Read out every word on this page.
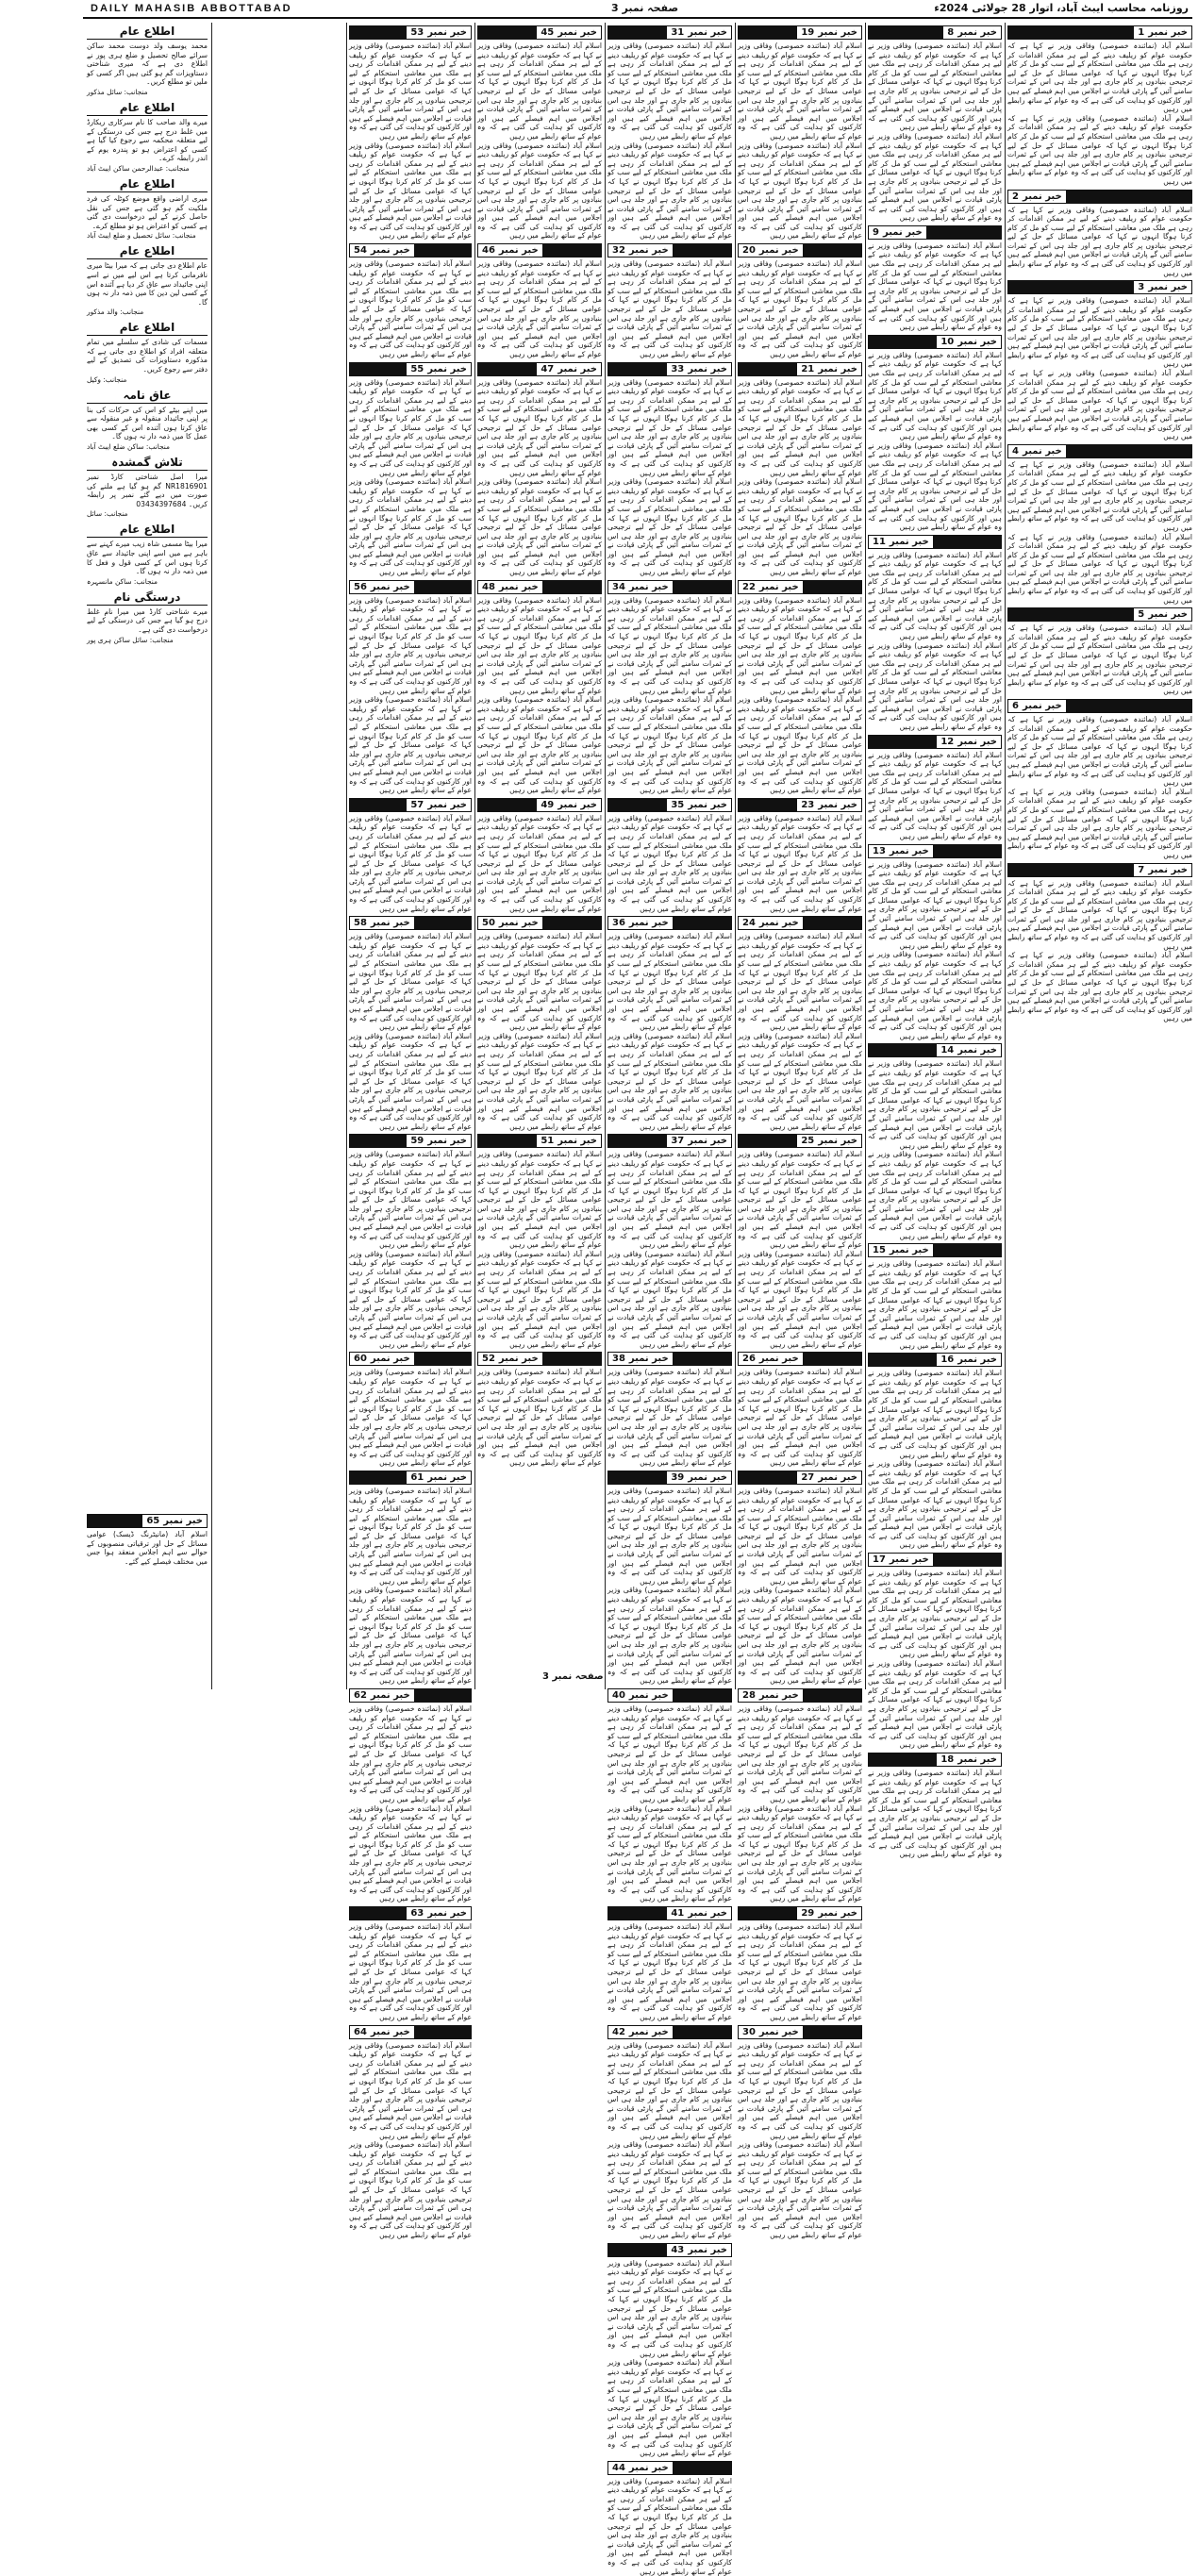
DAILY MAHASIB ABBOTTABAD	صفحہ نمبر 3	روزنامہ محاسب ایبٹ آباد، اتوار 28 جولائی 2024ء
اطلاع عام
محمد یوسف ولد دوست محمد ساکن سرائے صالح تحصیل و ضلع ہری پور نے اطلاع دی ہے کہ میری شناختی دستاویزات گم ہو گئی ہیں اگر کسی کو ملیں تو مطلع کریں۔
منجانب: سائل مذکور
اطلاع عام
میرے والد صاحب کا نام سرکاری ریکارڈ میں غلط درج ہے جس کی درستگی کے لیے متعلقہ محکمہ سے رجوع کیا گیا ہے کسی کو اعتراض ہو تو پندرہ یوم کے اندر رابطہ کرے۔
منجانب: عبدالرحمن ساکن ایبٹ آباد
اطلاع عام
میری اراضی واقع موضع کوٹلہ کی فرد ملکیت گم ہو گئی ہے جس کی نقل حاصل کرنے کے لیے درخواست دی گئی ہے کسی کو اعتراض ہو تو مطلع کرے۔
منجانب: سائل تحصیل و ضلع ایبٹ آباد
اطلاع عام
عام اطلاع دی جاتی ہے کہ میرا بیٹا میری نافرمانی کرتا ہے اس لیے میں نے اسے اپنی جائیداد سے عاق کر دیا ہے آئندہ اس کے کسی لین دین کا میں ذمہ دار نہ ہوں گا۔
منجانب: والد مذکور
اطلاع عام
مسمات کی شادی کے سلسلے میں تمام متعلقہ افراد کو اطلاع دی جاتی ہے کہ مذکورہ دستاویزات کی تصدیق کے لیے دفتر سے رجوع کریں۔
منجانب: وکیل
عاق نامہ
میں اپنے بیٹے کو اس کی حرکات کی بنا پر اپنی جائیداد منقولہ و غیر منقولہ سے عاق کرتا ہوں آئندہ اس کے کسی بھی عمل کا میں ذمہ دار نہ ہوں گا۔
منجانب: ساکن ضلع ایبٹ آباد
تلاش گمشدہ
میرا اصل شناختی کارڈ نمبر NR1816901 گم ہو گیا ہے ملنے کی صورت میں دیے گئے نمبر پر رابطہ کریں۔ 03434397684
منجانب: سائل
اطلاع عام
میرا بیٹا مسمی شاہ زیب میرے کہنے سے باہر ہے میں اسے اپنی جائیداد سے عاق کرتا ہوں اس کے کسی قول و فعل کا میں ذمہ دار نہ ہوں گا۔
منجانب: ساکن مانسہرہ
درستگی نام
میرے شناختی کارڈ میں میرا نام غلط درج ہو گیا ہے جس کی درستگی کے لیے درخواست دی گئی ہے۔
منجانب: سائل ساکن ہری پور
خبر نمبر
53
اسلام آباد (نمائندہ خصوصی) وفاقی وزیر نے کہا ہے کہ حکومت عوام کو ریلیف دینے کے لیے ہر ممکن اقدامات کر رہی ہے ملک میں معاشی استحکام کے لیے سب کو مل کر کام کرنا ہوگا انہوں نے کہا کہ عوامی مسائل کے حل کے لیے ترجیحی بنیادوں پر کام جاری ہے اور جلد ہی اس کے ثمرات سامنے آئیں گے پارٹی قیادت نے اجلاس میں اہم فیصلے کیے ہیں اور کارکنوں کو ہدایت کی گئی ہے کہ وہ عوام کے ساتھ رابطے میں رہیں
اسلام آباد (نمائندہ خصوصی) وفاقی وزیر نے کہا ہے کہ حکومت عوام کو ریلیف دینے کے لیے ہر ممکن اقدامات کر رہی ہے ملک میں معاشی استحکام کے لیے سب کو مل کر کام کرنا ہوگا انہوں نے کہا کہ عوامی مسائل کے حل کے لیے ترجیحی بنیادوں پر کام جاری ہے اور جلد ہی اس کے ثمرات سامنے آئیں گے پارٹی قیادت نے اجلاس میں اہم فیصلے کیے ہیں اور کارکنوں کو ہدایت کی گئی ہے کہ وہ عوام کے ساتھ رابطے میں رہیں
خبر نمبر
54
اسلام آباد (نمائندہ خصوصی) وفاقی وزیر نے کہا ہے کہ حکومت عوام کو ریلیف دینے کے لیے ہر ممکن اقدامات کر رہی ہے ملک میں معاشی استحکام کے لیے سب کو مل کر کام کرنا ہوگا انہوں نے کہا کہ عوامی مسائل کے حل کے لیے ترجیحی بنیادوں پر کام جاری ہے اور جلد ہی اس کے ثمرات سامنے آئیں گے پارٹی قیادت نے اجلاس میں اہم فیصلے کیے ہیں اور کارکنوں کو ہدایت کی گئی ہے کہ وہ عوام کے ساتھ رابطے میں رہیں
خبر نمبر
55
اسلام آباد (نمائندہ خصوصی) وفاقی وزیر نے کہا ہے کہ حکومت عوام کو ریلیف دینے کے لیے ہر ممکن اقدامات کر رہی ہے ملک میں معاشی استحکام کے لیے سب کو مل کر کام کرنا ہوگا انہوں نے کہا کہ عوامی مسائل کے حل کے لیے ترجیحی بنیادوں پر کام جاری ہے اور جلد ہی اس کے ثمرات سامنے آئیں گے پارٹی قیادت نے اجلاس میں اہم فیصلے کیے ہیں اور کارکنوں کو ہدایت کی گئی ہے کہ وہ عوام کے ساتھ رابطے میں رہیں
اسلام آباد (نمائندہ خصوصی) وفاقی وزیر نے کہا ہے کہ حکومت عوام کو ریلیف دینے کے لیے ہر ممکن اقدامات کر رہی ہے ملک میں معاشی استحکام کے لیے سب کو مل کر کام کرنا ہوگا انہوں نے کہا کہ عوامی مسائل کے حل کے لیے ترجیحی بنیادوں پر کام جاری ہے اور جلد ہی اس کے ثمرات سامنے آئیں گے پارٹی قیادت نے اجلاس میں اہم فیصلے کیے ہیں اور کارکنوں کو ہدایت کی گئی ہے کہ وہ عوام کے ساتھ رابطے میں رہیں
خبر نمبر
56
اسلام آباد (نمائندہ خصوصی) وفاقی وزیر نے کہا ہے کہ حکومت عوام کو ریلیف دینے کے لیے ہر ممکن اقدامات کر رہی ہے ملک میں معاشی استحکام کے لیے سب کو مل کر کام کرنا ہوگا انہوں نے کہا کہ عوامی مسائل کے حل کے لیے ترجیحی بنیادوں پر کام جاری ہے اور جلد ہی اس کے ثمرات سامنے آئیں گے پارٹی قیادت نے اجلاس میں اہم فیصلے کیے ہیں اور کارکنوں کو ہدایت کی گئی ہے کہ وہ عوام کے ساتھ رابطے میں رہیں
اسلام آباد (نمائندہ خصوصی) وفاقی وزیر نے کہا ہے کہ حکومت عوام کو ریلیف دینے کے لیے ہر ممکن اقدامات کر رہی ہے ملک میں معاشی استحکام کے لیے سب کو مل کر کام کرنا ہوگا انہوں نے کہا کہ عوامی مسائل کے حل کے لیے ترجیحی بنیادوں پر کام جاری ہے اور جلد ہی اس کے ثمرات سامنے آئیں گے پارٹی قیادت نے اجلاس میں اہم فیصلے کیے ہیں اور کارکنوں کو ہدایت کی گئی ہے کہ وہ عوام کے ساتھ رابطے میں رہیں
خبر نمبر
57
اسلام آباد (نمائندہ خصوصی) وفاقی وزیر نے کہا ہے کہ حکومت عوام کو ریلیف دینے کے لیے ہر ممکن اقدامات کر رہی ہے ملک میں معاشی استحکام کے لیے سب کو مل کر کام کرنا ہوگا انہوں نے کہا کہ عوامی مسائل کے حل کے لیے ترجیحی بنیادوں پر کام جاری ہے اور جلد ہی اس کے ثمرات سامنے آئیں گے پارٹی قیادت نے اجلاس میں اہم فیصلے کیے ہیں اور کارکنوں کو ہدایت کی گئی ہے کہ وہ عوام کے ساتھ رابطے میں رہیں
خبر نمبر
58
اسلام آباد (نمائندہ خصوصی) وفاقی وزیر نے کہا ہے کہ حکومت عوام کو ریلیف دینے کے لیے ہر ممکن اقدامات کر رہی ہے ملک میں معاشی استحکام کے لیے سب کو مل کر کام کرنا ہوگا انہوں نے کہا کہ عوامی مسائل کے حل کے لیے ترجیحی بنیادوں پر کام جاری ہے اور جلد ہی اس کے ثمرات سامنے آئیں گے پارٹی قیادت نے اجلاس میں اہم فیصلے کیے ہیں اور کارکنوں کو ہدایت کی گئی ہے کہ وہ عوام کے ساتھ رابطے میں رہیں
اسلام آباد (نمائندہ خصوصی) وفاقی وزیر نے کہا ہے کہ حکومت عوام کو ریلیف دینے کے لیے ہر ممکن اقدامات کر رہی ہے ملک میں معاشی استحکام کے لیے سب کو مل کر کام کرنا ہوگا انہوں نے کہا کہ عوامی مسائل کے حل کے لیے ترجیحی بنیادوں پر کام جاری ہے اور جلد ہی اس کے ثمرات سامنے آئیں گے پارٹی قیادت نے اجلاس میں اہم فیصلے کیے ہیں اور کارکنوں کو ہدایت کی گئی ہے کہ وہ عوام کے ساتھ رابطے میں رہیں
خبر نمبر
59
اسلام آباد (نمائندہ خصوصی) وفاقی وزیر نے کہا ہے کہ حکومت عوام کو ریلیف دینے کے لیے ہر ممکن اقدامات کر رہی ہے ملک میں معاشی استحکام کے لیے سب کو مل کر کام کرنا ہوگا انہوں نے کہا کہ عوامی مسائل کے حل کے لیے ترجیحی بنیادوں پر کام جاری ہے اور جلد ہی اس کے ثمرات سامنے آئیں گے پارٹی قیادت نے اجلاس میں اہم فیصلے کیے ہیں اور کارکنوں کو ہدایت کی گئی ہے کہ وہ عوام کے ساتھ رابطے میں رہیں
اسلام آباد (نمائندہ خصوصی) وفاقی وزیر نے کہا ہے کہ حکومت عوام کو ریلیف دینے کے لیے ہر ممکن اقدامات کر رہی ہے ملک میں معاشی استحکام کے لیے سب کو مل کر کام کرنا ہوگا انہوں نے کہا کہ عوامی مسائل کے حل کے لیے ترجیحی بنیادوں پر کام جاری ہے اور جلد ہی اس کے ثمرات سامنے آئیں گے پارٹی قیادت نے اجلاس میں اہم فیصلے کیے ہیں اور کارکنوں کو ہدایت کی گئی ہے کہ وہ عوام کے ساتھ رابطے میں رہیں
خبر نمبر
60
اسلام آباد (نمائندہ خصوصی) وفاقی وزیر نے کہا ہے کہ حکومت عوام کو ریلیف دینے کے لیے ہر ممکن اقدامات کر رہی ہے ملک میں معاشی استحکام کے لیے سب کو مل کر کام کرنا ہوگا انہوں نے کہا کہ عوامی مسائل کے حل کے لیے ترجیحی بنیادوں پر کام جاری ہے اور جلد ہی اس کے ثمرات سامنے آئیں گے پارٹی قیادت نے اجلاس میں اہم فیصلے کیے ہیں اور کارکنوں کو ہدایت کی گئی ہے کہ وہ عوام کے ساتھ رابطے میں رہیں
خبر نمبر
61
اسلام آباد (نمائندہ خصوصی) وفاقی وزیر نے کہا ہے کہ حکومت عوام کو ریلیف دینے کے لیے ہر ممکن اقدامات کر رہی ہے ملک میں معاشی استحکام کے لیے سب کو مل کر کام کرنا ہوگا انہوں نے کہا کہ عوامی مسائل کے حل کے لیے ترجیحی بنیادوں پر کام جاری ہے اور جلد ہی اس کے ثمرات سامنے آئیں گے پارٹی قیادت نے اجلاس میں اہم فیصلے کیے ہیں اور کارکنوں کو ہدایت کی گئی ہے کہ وہ عوام کے ساتھ رابطے میں رہیں
اسلام آباد (نمائندہ خصوصی) وفاقی وزیر نے کہا ہے کہ حکومت عوام کو ریلیف دینے کے لیے ہر ممکن اقدامات کر رہی ہے ملک میں معاشی استحکام کے لیے سب کو مل کر کام کرنا ہوگا انہوں نے کہا کہ عوامی مسائل کے حل کے لیے ترجیحی بنیادوں پر کام جاری ہے اور جلد ہی اس کے ثمرات سامنے آئیں گے پارٹی قیادت نے اجلاس میں اہم فیصلے کیے ہیں اور کارکنوں کو ہدایت کی گئی ہے کہ وہ عوام کے ساتھ رابطے میں رہیں
خبر نمبر
62
اسلام آباد (نمائندہ خصوصی) وفاقی وزیر نے کہا ہے کہ حکومت عوام کو ریلیف دینے کے لیے ہر ممکن اقدامات کر رہی ہے ملک میں معاشی استحکام کے لیے سب کو مل کر کام کرنا ہوگا انہوں نے کہا کہ عوامی مسائل کے حل کے لیے ترجیحی بنیادوں پر کام جاری ہے اور جلد ہی اس کے ثمرات سامنے آئیں گے پارٹی قیادت نے اجلاس میں اہم فیصلے کیے ہیں اور کارکنوں کو ہدایت کی گئی ہے کہ وہ عوام کے ساتھ رابطے میں رہیں
اسلام آباد (نمائندہ خصوصی) وفاقی وزیر نے کہا ہے کہ حکومت عوام کو ریلیف دینے کے لیے ہر ممکن اقدامات کر رہی ہے ملک میں معاشی استحکام کے لیے سب کو مل کر کام کرنا ہوگا انہوں نے کہا کہ عوامی مسائل کے حل کے لیے ترجیحی بنیادوں پر کام جاری ہے اور جلد ہی اس کے ثمرات سامنے آئیں گے پارٹی قیادت نے اجلاس میں اہم فیصلے کیے ہیں اور کارکنوں کو ہدایت کی گئی ہے کہ وہ عوام کے ساتھ رابطے میں رہیں
خبر نمبر
63
اسلام آباد (نمائندہ خصوصی) وفاقی وزیر نے کہا ہے کہ حکومت عوام کو ریلیف دینے کے لیے ہر ممکن اقدامات کر رہی ہے ملک میں معاشی استحکام کے لیے سب کو مل کر کام کرنا ہوگا انہوں نے کہا کہ عوامی مسائل کے حل کے لیے ترجیحی بنیادوں پر کام جاری ہے اور جلد ہی اس کے ثمرات سامنے آئیں گے پارٹی قیادت نے اجلاس میں اہم فیصلے کیے ہیں اور کارکنوں کو ہدایت کی گئی ہے کہ وہ عوام کے ساتھ رابطے میں رہیں
خبر نمبر
64
اسلام آباد (نمائندہ خصوصی) وفاقی وزیر نے کہا ہے کہ حکومت عوام کو ریلیف دینے کے لیے ہر ممکن اقدامات کر رہی ہے ملک میں معاشی استحکام کے لیے سب کو مل کر کام کرنا ہوگا انہوں نے کہا کہ عوامی مسائل کے حل کے لیے ترجیحی بنیادوں پر کام جاری ہے اور جلد ہی اس کے ثمرات سامنے آئیں گے پارٹی قیادت نے اجلاس میں اہم فیصلے کیے ہیں اور کارکنوں کو ہدایت کی گئی ہے کہ وہ عوام کے ساتھ رابطے میں رہیں
اسلام آباد (نمائندہ خصوصی) وفاقی وزیر نے کہا ہے کہ حکومت عوام کو ریلیف دینے کے لیے ہر ممکن اقدامات کر رہی ہے ملک میں معاشی استحکام کے لیے سب کو مل کر کام کرنا ہوگا انہوں نے کہا کہ عوامی مسائل کے حل کے لیے ترجیحی بنیادوں پر کام جاری ہے اور جلد ہی اس کے ثمرات سامنے آئیں گے پارٹی قیادت نے اجلاس میں اہم فیصلے کیے ہیں اور کارکنوں کو ہدایت کی گئی ہے کہ وہ عوام کے ساتھ رابطے میں رہیں
خبر نمبر
45
اسلام آباد (نمائندہ خصوصی) وفاقی وزیر نے کہا ہے کہ حکومت عوام کو ریلیف دینے کے لیے ہر ممکن اقدامات کر رہی ہے ملک میں معاشی استحکام کے لیے سب کو مل کر کام کرنا ہوگا انہوں نے کہا کہ عوامی مسائل کے حل کے لیے ترجیحی بنیادوں پر کام جاری ہے اور جلد ہی اس کے ثمرات سامنے آئیں گے پارٹی قیادت نے اجلاس میں اہم فیصلے کیے ہیں اور کارکنوں کو ہدایت کی گئی ہے کہ وہ عوام کے ساتھ رابطے میں رہیں
اسلام آباد (نمائندہ خصوصی) وفاقی وزیر نے کہا ہے کہ حکومت عوام کو ریلیف دینے کے لیے ہر ممکن اقدامات کر رہی ہے ملک میں معاشی استحکام کے لیے سب کو مل کر کام کرنا ہوگا انہوں نے کہا کہ عوامی مسائل کے حل کے لیے ترجیحی بنیادوں پر کام جاری ہے اور جلد ہی اس کے ثمرات سامنے آئیں گے پارٹی قیادت نے اجلاس میں اہم فیصلے کیے ہیں اور کارکنوں کو ہدایت کی گئی ہے کہ وہ عوام کے ساتھ رابطے میں رہیں
خبر نمبر
46
اسلام آباد (نمائندہ خصوصی) وفاقی وزیر نے کہا ہے کہ حکومت عوام کو ریلیف دینے کے لیے ہر ممکن اقدامات کر رہی ہے ملک میں معاشی استحکام کے لیے سب کو مل کر کام کرنا ہوگا انہوں نے کہا کہ عوامی مسائل کے حل کے لیے ترجیحی بنیادوں پر کام جاری ہے اور جلد ہی اس کے ثمرات سامنے آئیں گے پارٹی قیادت نے اجلاس میں اہم فیصلے کیے ہیں اور کارکنوں کو ہدایت کی گئی ہے کہ وہ عوام کے ساتھ رابطے میں رہیں
خبر نمبر
47
اسلام آباد (نمائندہ خصوصی) وفاقی وزیر نے کہا ہے کہ حکومت عوام کو ریلیف دینے کے لیے ہر ممکن اقدامات کر رہی ہے ملک میں معاشی استحکام کے لیے سب کو مل کر کام کرنا ہوگا انہوں نے کہا کہ عوامی مسائل کے حل کے لیے ترجیحی بنیادوں پر کام جاری ہے اور جلد ہی اس کے ثمرات سامنے آئیں گے پارٹی قیادت نے اجلاس میں اہم فیصلے کیے ہیں اور کارکنوں کو ہدایت کی گئی ہے کہ وہ عوام کے ساتھ رابطے میں رہیں
اسلام آباد (نمائندہ خصوصی) وفاقی وزیر نے کہا ہے کہ حکومت عوام کو ریلیف دینے کے لیے ہر ممکن اقدامات کر رہی ہے ملک میں معاشی استحکام کے لیے سب کو مل کر کام کرنا ہوگا انہوں نے کہا کہ عوامی مسائل کے حل کے لیے ترجیحی بنیادوں پر کام جاری ہے اور جلد ہی اس کے ثمرات سامنے آئیں گے پارٹی قیادت نے اجلاس میں اہم فیصلے کیے ہیں اور کارکنوں کو ہدایت کی گئی ہے کہ وہ عوام کے ساتھ رابطے میں رہیں
خبر نمبر
48
اسلام آباد (نمائندہ خصوصی) وفاقی وزیر نے کہا ہے کہ حکومت عوام کو ریلیف دینے کے لیے ہر ممکن اقدامات کر رہی ہے ملک میں معاشی استحکام کے لیے سب کو مل کر کام کرنا ہوگا انہوں نے کہا کہ عوامی مسائل کے حل کے لیے ترجیحی بنیادوں پر کام جاری ہے اور جلد ہی اس کے ثمرات سامنے آئیں گے پارٹی قیادت نے اجلاس میں اہم فیصلے کیے ہیں اور کارکنوں کو ہدایت کی گئی ہے کہ وہ عوام کے ساتھ رابطے میں رہیں
اسلام آباد (نمائندہ خصوصی) وفاقی وزیر نے کہا ہے کہ حکومت عوام کو ریلیف دینے کے لیے ہر ممکن اقدامات کر رہی ہے ملک میں معاشی استحکام کے لیے سب کو مل کر کام کرنا ہوگا انہوں نے کہا کہ عوامی مسائل کے حل کے لیے ترجیحی بنیادوں پر کام جاری ہے اور جلد ہی اس کے ثمرات سامنے آئیں گے پارٹی قیادت نے اجلاس میں اہم فیصلے کیے ہیں اور کارکنوں کو ہدایت کی گئی ہے کہ وہ عوام کے ساتھ رابطے میں رہیں
خبر نمبر
49
اسلام آباد (نمائندہ خصوصی) وفاقی وزیر نے کہا ہے کہ حکومت عوام کو ریلیف دینے کے لیے ہر ممکن اقدامات کر رہی ہے ملک میں معاشی استحکام کے لیے سب کو مل کر کام کرنا ہوگا انہوں نے کہا کہ عوامی مسائل کے حل کے لیے ترجیحی بنیادوں پر کام جاری ہے اور جلد ہی اس کے ثمرات سامنے آئیں گے پارٹی قیادت نے اجلاس میں اہم فیصلے کیے ہیں اور کارکنوں کو ہدایت کی گئی ہے کہ وہ عوام کے ساتھ رابطے میں رہیں
خبر نمبر
50
اسلام آباد (نمائندہ خصوصی) وفاقی وزیر نے کہا ہے کہ حکومت عوام کو ریلیف دینے کے لیے ہر ممکن اقدامات کر رہی ہے ملک میں معاشی استحکام کے لیے سب کو مل کر کام کرنا ہوگا انہوں نے کہا کہ عوامی مسائل کے حل کے لیے ترجیحی بنیادوں پر کام جاری ہے اور جلد ہی اس کے ثمرات سامنے آئیں گے پارٹی قیادت نے اجلاس میں اہم فیصلے کیے ہیں اور کارکنوں کو ہدایت کی گئی ہے کہ وہ عوام کے ساتھ رابطے میں رہیں
اسلام آباد (نمائندہ خصوصی) وفاقی وزیر نے کہا ہے کہ حکومت عوام کو ریلیف دینے کے لیے ہر ممکن اقدامات کر رہی ہے ملک میں معاشی استحکام کے لیے سب کو مل کر کام کرنا ہوگا انہوں نے کہا کہ عوامی مسائل کے حل کے لیے ترجیحی بنیادوں پر کام جاری ہے اور جلد ہی اس کے ثمرات سامنے آئیں گے پارٹی قیادت نے اجلاس میں اہم فیصلے کیے ہیں اور کارکنوں کو ہدایت کی گئی ہے کہ وہ عوام کے ساتھ رابطے میں رہیں
خبر نمبر
51
اسلام آباد (نمائندہ خصوصی) وفاقی وزیر نے کہا ہے کہ حکومت عوام کو ریلیف دینے کے لیے ہر ممکن اقدامات کر رہی ہے ملک میں معاشی استحکام کے لیے سب کو مل کر کام کرنا ہوگا انہوں نے کہا کہ عوامی مسائل کے حل کے لیے ترجیحی بنیادوں پر کام جاری ہے اور جلد ہی اس کے ثمرات سامنے آئیں گے پارٹی قیادت نے اجلاس میں اہم فیصلے کیے ہیں اور کارکنوں کو ہدایت کی گئی ہے کہ وہ عوام کے ساتھ رابطے میں رہیں
اسلام آباد (نمائندہ خصوصی) وفاقی وزیر نے کہا ہے کہ حکومت عوام کو ریلیف دینے کے لیے ہر ممکن اقدامات کر رہی ہے ملک میں معاشی استحکام کے لیے سب کو مل کر کام کرنا ہوگا انہوں نے کہا کہ عوامی مسائل کے حل کے لیے ترجیحی بنیادوں پر کام جاری ہے اور جلد ہی اس کے ثمرات سامنے آئیں گے پارٹی قیادت نے اجلاس میں اہم فیصلے کیے ہیں اور کارکنوں کو ہدایت کی گئی ہے کہ وہ عوام کے ساتھ رابطے میں رہیں
خبر نمبر
52
اسلام آباد (نمائندہ خصوصی) وفاقی وزیر نے کہا ہے کہ حکومت عوام کو ریلیف دینے کے لیے ہر ممکن اقدامات کر رہی ہے ملک میں معاشی استحکام کے لیے سب کو مل کر کام کرنا ہوگا انہوں نے کہا کہ عوامی مسائل کے حل کے لیے ترجیحی بنیادوں پر کام جاری ہے اور جلد ہی اس کے ثمرات سامنے آئیں گے پارٹی قیادت نے اجلاس میں اہم فیصلے کیے ہیں اور کارکنوں کو ہدایت کی گئی ہے کہ وہ عوام کے ساتھ رابطے میں رہیں
خبر نمبر
31
اسلام آباد (نمائندہ خصوصی) وفاقی وزیر نے کہا ہے کہ حکومت عوام کو ریلیف دینے کے لیے ہر ممکن اقدامات کر رہی ہے ملک میں معاشی استحکام کے لیے سب کو مل کر کام کرنا ہوگا انہوں نے کہا کہ عوامی مسائل کے حل کے لیے ترجیحی بنیادوں پر کام جاری ہے اور جلد ہی اس کے ثمرات سامنے آئیں گے پارٹی قیادت نے اجلاس میں اہم فیصلے کیے ہیں اور کارکنوں کو ہدایت کی گئی ہے کہ وہ عوام کے ساتھ رابطے میں رہیں
اسلام آباد (نمائندہ خصوصی) وفاقی وزیر نے کہا ہے کہ حکومت عوام کو ریلیف دینے کے لیے ہر ممکن اقدامات کر رہی ہے ملک میں معاشی استحکام کے لیے سب کو مل کر کام کرنا ہوگا انہوں نے کہا کہ عوامی مسائل کے حل کے لیے ترجیحی بنیادوں پر کام جاری ہے اور جلد ہی اس کے ثمرات سامنے آئیں گے پارٹی قیادت نے اجلاس میں اہم فیصلے کیے ہیں اور کارکنوں کو ہدایت کی گئی ہے کہ وہ عوام کے ساتھ رابطے میں رہیں
خبر نمبر
32
اسلام آباد (نمائندہ خصوصی) وفاقی وزیر نے کہا ہے کہ حکومت عوام کو ریلیف دینے کے لیے ہر ممکن اقدامات کر رہی ہے ملک میں معاشی استحکام کے لیے سب کو مل کر کام کرنا ہوگا انہوں نے کہا کہ عوامی مسائل کے حل کے لیے ترجیحی بنیادوں پر کام جاری ہے اور جلد ہی اس کے ثمرات سامنے آئیں گے پارٹی قیادت نے اجلاس میں اہم فیصلے کیے ہیں اور کارکنوں کو ہدایت کی گئی ہے کہ وہ عوام کے ساتھ رابطے میں رہیں
خبر نمبر
33
اسلام آباد (نمائندہ خصوصی) وفاقی وزیر نے کہا ہے کہ حکومت عوام کو ریلیف دینے کے لیے ہر ممکن اقدامات کر رہی ہے ملک میں معاشی استحکام کے لیے سب کو مل کر کام کرنا ہوگا انہوں نے کہا کہ عوامی مسائل کے حل کے لیے ترجیحی بنیادوں پر کام جاری ہے اور جلد ہی اس کے ثمرات سامنے آئیں گے پارٹی قیادت نے اجلاس میں اہم فیصلے کیے ہیں اور کارکنوں کو ہدایت کی گئی ہے کہ وہ عوام کے ساتھ رابطے میں رہیں
اسلام آباد (نمائندہ خصوصی) وفاقی وزیر نے کہا ہے کہ حکومت عوام کو ریلیف دینے کے لیے ہر ممکن اقدامات کر رہی ہے ملک میں معاشی استحکام کے لیے سب کو مل کر کام کرنا ہوگا انہوں نے کہا کہ عوامی مسائل کے حل کے لیے ترجیحی بنیادوں پر کام جاری ہے اور جلد ہی اس کے ثمرات سامنے آئیں گے پارٹی قیادت نے اجلاس میں اہم فیصلے کیے ہیں اور کارکنوں کو ہدایت کی گئی ہے کہ وہ عوام کے ساتھ رابطے میں رہیں
خبر نمبر
34
اسلام آباد (نمائندہ خصوصی) وفاقی وزیر نے کہا ہے کہ حکومت عوام کو ریلیف دینے کے لیے ہر ممکن اقدامات کر رہی ہے ملک میں معاشی استحکام کے لیے سب کو مل کر کام کرنا ہوگا انہوں نے کہا کہ عوامی مسائل کے حل کے لیے ترجیحی بنیادوں پر کام جاری ہے اور جلد ہی اس کے ثمرات سامنے آئیں گے پارٹی قیادت نے اجلاس میں اہم فیصلے کیے ہیں اور کارکنوں کو ہدایت کی گئی ہے کہ وہ عوام کے ساتھ رابطے میں رہیں
اسلام آباد (نمائندہ خصوصی) وفاقی وزیر نے کہا ہے کہ حکومت عوام کو ریلیف دینے کے لیے ہر ممکن اقدامات کر رہی ہے ملک میں معاشی استحکام کے لیے سب کو مل کر کام کرنا ہوگا انہوں نے کہا کہ عوامی مسائل کے حل کے لیے ترجیحی بنیادوں پر کام جاری ہے اور جلد ہی اس کے ثمرات سامنے آئیں گے پارٹی قیادت نے اجلاس میں اہم فیصلے کیے ہیں اور کارکنوں کو ہدایت کی گئی ہے کہ وہ عوام کے ساتھ رابطے میں رہیں
خبر نمبر
35
اسلام آباد (نمائندہ خصوصی) وفاقی وزیر نے کہا ہے کہ حکومت عوام کو ریلیف دینے کے لیے ہر ممکن اقدامات کر رہی ہے ملک میں معاشی استحکام کے لیے سب کو مل کر کام کرنا ہوگا انہوں نے کہا کہ عوامی مسائل کے حل کے لیے ترجیحی بنیادوں پر کام جاری ہے اور جلد ہی اس کے ثمرات سامنے آئیں گے پارٹی قیادت نے اجلاس میں اہم فیصلے کیے ہیں اور کارکنوں کو ہدایت کی گئی ہے کہ وہ عوام کے ساتھ رابطے میں رہیں
خبر نمبر
36
اسلام آباد (نمائندہ خصوصی) وفاقی وزیر نے کہا ہے کہ حکومت عوام کو ریلیف دینے کے لیے ہر ممکن اقدامات کر رہی ہے ملک میں معاشی استحکام کے لیے سب کو مل کر کام کرنا ہوگا انہوں نے کہا کہ عوامی مسائل کے حل کے لیے ترجیحی بنیادوں پر کام جاری ہے اور جلد ہی اس کے ثمرات سامنے آئیں گے پارٹی قیادت نے اجلاس میں اہم فیصلے کیے ہیں اور کارکنوں کو ہدایت کی گئی ہے کہ وہ عوام کے ساتھ رابطے میں رہیں
اسلام آباد (نمائندہ خصوصی) وفاقی وزیر نے کہا ہے کہ حکومت عوام کو ریلیف دینے کے لیے ہر ممکن اقدامات کر رہی ہے ملک میں معاشی استحکام کے لیے سب کو مل کر کام کرنا ہوگا انہوں نے کہا کہ عوامی مسائل کے حل کے لیے ترجیحی بنیادوں پر کام جاری ہے اور جلد ہی اس کے ثمرات سامنے آئیں گے پارٹی قیادت نے اجلاس میں اہم فیصلے کیے ہیں اور کارکنوں کو ہدایت کی گئی ہے کہ وہ عوام کے ساتھ رابطے میں رہیں
خبر نمبر
37
اسلام آباد (نمائندہ خصوصی) وفاقی وزیر نے کہا ہے کہ حکومت عوام کو ریلیف دینے کے لیے ہر ممکن اقدامات کر رہی ہے ملک میں معاشی استحکام کے لیے سب کو مل کر کام کرنا ہوگا انہوں نے کہا کہ عوامی مسائل کے حل کے لیے ترجیحی بنیادوں پر کام جاری ہے اور جلد ہی اس کے ثمرات سامنے آئیں گے پارٹی قیادت نے اجلاس میں اہم فیصلے کیے ہیں اور کارکنوں کو ہدایت کی گئی ہے کہ وہ عوام کے ساتھ رابطے میں رہیں
اسلام آباد (نمائندہ خصوصی) وفاقی وزیر نے کہا ہے کہ حکومت عوام کو ریلیف دینے کے لیے ہر ممکن اقدامات کر رہی ہے ملک میں معاشی استحکام کے لیے سب کو مل کر کام کرنا ہوگا انہوں نے کہا کہ عوامی مسائل کے حل کے لیے ترجیحی بنیادوں پر کام جاری ہے اور جلد ہی اس کے ثمرات سامنے آئیں گے پارٹی قیادت نے اجلاس میں اہم فیصلے کیے ہیں اور کارکنوں کو ہدایت کی گئی ہے کہ وہ عوام کے ساتھ رابطے میں رہیں
خبر نمبر
38
اسلام آباد (نمائندہ خصوصی) وفاقی وزیر نے کہا ہے کہ حکومت عوام کو ریلیف دینے کے لیے ہر ممکن اقدامات کر رہی ہے ملک میں معاشی استحکام کے لیے سب کو مل کر کام کرنا ہوگا انہوں نے کہا کہ عوامی مسائل کے حل کے لیے ترجیحی بنیادوں پر کام جاری ہے اور جلد ہی اس کے ثمرات سامنے آئیں گے پارٹی قیادت نے اجلاس میں اہم فیصلے کیے ہیں اور کارکنوں کو ہدایت کی گئی ہے کہ وہ عوام کے ساتھ رابطے میں رہیں
خبر نمبر
39
اسلام آباد (نمائندہ خصوصی) وفاقی وزیر نے کہا ہے کہ حکومت عوام کو ریلیف دینے کے لیے ہر ممکن اقدامات کر رہی ہے ملک میں معاشی استحکام کے لیے سب کو مل کر کام کرنا ہوگا انہوں نے کہا کہ عوامی مسائل کے حل کے لیے ترجیحی بنیادوں پر کام جاری ہے اور جلد ہی اس کے ثمرات سامنے آئیں گے پارٹی قیادت نے اجلاس میں اہم فیصلے کیے ہیں اور کارکنوں کو ہدایت کی گئی ہے کہ وہ عوام کے ساتھ رابطے میں رہیں
اسلام آباد (نمائندہ خصوصی) وفاقی وزیر نے کہا ہے کہ حکومت عوام کو ریلیف دینے کے لیے ہر ممکن اقدامات کر رہی ہے ملک میں معاشی استحکام کے لیے سب کو مل کر کام کرنا ہوگا انہوں نے کہا کہ عوامی مسائل کے حل کے لیے ترجیحی بنیادوں پر کام جاری ہے اور جلد ہی اس کے ثمرات سامنے آئیں گے پارٹی قیادت نے اجلاس میں اہم فیصلے کیے ہیں اور کارکنوں کو ہدایت کی گئی ہے کہ وہ عوام کے ساتھ رابطے میں رہیں
خبر نمبر
40
اسلام آباد (نمائندہ خصوصی) وفاقی وزیر نے کہا ہے کہ حکومت عوام کو ریلیف دینے کے لیے ہر ممکن اقدامات کر رہی ہے ملک میں معاشی استحکام کے لیے سب کو مل کر کام کرنا ہوگا انہوں نے کہا کہ عوامی مسائل کے حل کے لیے ترجیحی بنیادوں پر کام جاری ہے اور جلد ہی اس کے ثمرات سامنے آئیں گے پارٹی قیادت نے اجلاس میں اہم فیصلے کیے ہیں اور کارکنوں کو ہدایت کی گئی ہے کہ وہ عوام کے ساتھ رابطے میں رہیں
اسلام آباد (نمائندہ خصوصی) وفاقی وزیر نے کہا ہے کہ حکومت عوام کو ریلیف دینے کے لیے ہر ممکن اقدامات کر رہی ہے ملک میں معاشی استحکام کے لیے سب کو مل کر کام کرنا ہوگا انہوں نے کہا کہ عوامی مسائل کے حل کے لیے ترجیحی بنیادوں پر کام جاری ہے اور جلد ہی اس کے ثمرات سامنے آئیں گے پارٹی قیادت نے اجلاس میں اہم فیصلے کیے ہیں اور کارکنوں کو ہدایت کی گئی ہے کہ وہ عوام کے ساتھ رابطے میں رہیں
خبر نمبر
41
اسلام آباد (نمائندہ خصوصی) وفاقی وزیر نے کہا ہے کہ حکومت عوام کو ریلیف دینے کے لیے ہر ممکن اقدامات کر رہی ہے ملک میں معاشی استحکام کے لیے سب کو مل کر کام کرنا ہوگا انہوں نے کہا کہ عوامی مسائل کے حل کے لیے ترجیحی بنیادوں پر کام جاری ہے اور جلد ہی اس کے ثمرات سامنے آئیں گے پارٹی قیادت نے اجلاس میں اہم فیصلے کیے ہیں اور کارکنوں کو ہدایت کی گئی ہے کہ وہ عوام کے ساتھ رابطے میں رہیں
خبر نمبر
42
اسلام آباد (نمائندہ خصوصی) وفاقی وزیر نے کہا ہے کہ حکومت عوام کو ریلیف دینے کے لیے ہر ممکن اقدامات کر رہی ہے ملک میں معاشی استحکام کے لیے سب کو مل کر کام کرنا ہوگا انہوں نے کہا کہ عوامی مسائل کے حل کے لیے ترجیحی بنیادوں پر کام جاری ہے اور جلد ہی اس کے ثمرات سامنے آئیں گے پارٹی قیادت نے اجلاس میں اہم فیصلے کیے ہیں اور کارکنوں کو ہدایت کی گئی ہے کہ وہ عوام کے ساتھ رابطے میں رہیں
اسلام آباد (نمائندہ خصوصی) وفاقی وزیر نے کہا ہے کہ حکومت عوام کو ریلیف دینے کے لیے ہر ممکن اقدامات کر رہی ہے ملک میں معاشی استحکام کے لیے سب کو مل کر کام کرنا ہوگا انہوں نے کہا کہ عوامی مسائل کے حل کے لیے ترجیحی بنیادوں پر کام جاری ہے اور جلد ہی اس کے ثمرات سامنے آئیں گے پارٹی قیادت نے اجلاس میں اہم فیصلے کیے ہیں اور کارکنوں کو ہدایت کی گئی ہے کہ وہ عوام کے ساتھ رابطے میں رہیں
خبر نمبر
43
اسلام آباد (نمائندہ خصوصی) وفاقی وزیر نے کہا ہے کہ حکومت عوام کو ریلیف دینے کے لیے ہر ممکن اقدامات کر رہی ہے ملک میں معاشی استحکام کے لیے سب کو مل کر کام کرنا ہوگا انہوں نے کہا کہ عوامی مسائل کے حل کے لیے ترجیحی بنیادوں پر کام جاری ہے اور جلد ہی اس کے ثمرات سامنے آئیں گے پارٹی قیادت نے اجلاس میں اہم فیصلے کیے ہیں اور کارکنوں کو ہدایت کی گئی ہے کہ وہ عوام کے ساتھ رابطے میں رہیں
اسلام آباد (نمائندہ خصوصی) وفاقی وزیر نے کہا ہے کہ حکومت عوام کو ریلیف دینے کے لیے ہر ممکن اقدامات کر رہی ہے ملک میں معاشی استحکام کے لیے سب کو مل کر کام کرنا ہوگا انہوں نے کہا کہ عوامی مسائل کے حل کے لیے ترجیحی بنیادوں پر کام جاری ہے اور جلد ہی اس کے ثمرات سامنے آئیں گے پارٹی قیادت نے اجلاس میں اہم فیصلے کیے ہیں اور کارکنوں کو ہدایت کی گئی ہے کہ وہ عوام کے ساتھ رابطے میں رہیں
خبر نمبر
44
اسلام آباد (نمائندہ خصوصی) وفاقی وزیر نے کہا ہے کہ حکومت عوام کو ریلیف دینے کے لیے ہر ممکن اقدامات کر رہی ہے ملک میں معاشی استحکام کے لیے سب کو مل کر کام کرنا ہوگا انہوں نے کہا کہ عوامی مسائل کے حل کے لیے ترجیحی بنیادوں پر کام جاری ہے اور جلد ہی اس کے ثمرات سامنے آئیں گے پارٹی قیادت نے اجلاس میں اہم فیصلے کیے ہیں اور کارکنوں کو ہدایت کی گئی ہے کہ وہ عوام کے ساتھ رابطے میں رہیں
خبر نمبر
19
اسلام آباد (نمائندہ خصوصی) وفاقی وزیر نے کہا ہے کہ حکومت عوام کو ریلیف دینے کے لیے ہر ممکن اقدامات کر رہی ہے ملک میں معاشی استحکام کے لیے سب کو مل کر کام کرنا ہوگا انہوں نے کہا کہ عوامی مسائل کے حل کے لیے ترجیحی بنیادوں پر کام جاری ہے اور جلد ہی اس کے ثمرات سامنے آئیں گے پارٹی قیادت نے اجلاس میں اہم فیصلے کیے ہیں اور کارکنوں کو ہدایت کی گئی ہے کہ وہ عوام کے ساتھ رابطے میں رہیں
اسلام آباد (نمائندہ خصوصی) وفاقی وزیر نے کہا ہے کہ حکومت عوام کو ریلیف دینے کے لیے ہر ممکن اقدامات کر رہی ہے ملک میں معاشی استحکام کے لیے سب کو مل کر کام کرنا ہوگا انہوں نے کہا کہ عوامی مسائل کے حل کے لیے ترجیحی بنیادوں پر کام جاری ہے اور جلد ہی اس کے ثمرات سامنے آئیں گے پارٹی قیادت نے اجلاس میں اہم فیصلے کیے ہیں اور کارکنوں کو ہدایت کی گئی ہے کہ وہ عوام کے ساتھ رابطے میں رہیں
خبر نمبر
20
اسلام آباد (نمائندہ خصوصی) وفاقی وزیر نے کہا ہے کہ حکومت عوام کو ریلیف دینے کے لیے ہر ممکن اقدامات کر رہی ہے ملک میں معاشی استحکام کے لیے سب کو مل کر کام کرنا ہوگا انہوں نے کہا کہ عوامی مسائل کے حل کے لیے ترجیحی بنیادوں پر کام جاری ہے اور جلد ہی اس کے ثمرات سامنے آئیں گے پارٹی قیادت نے اجلاس میں اہم فیصلے کیے ہیں اور کارکنوں کو ہدایت کی گئی ہے کہ وہ عوام کے ساتھ رابطے میں رہیں
خبر نمبر
21
اسلام آباد (نمائندہ خصوصی) وفاقی وزیر نے کہا ہے کہ حکومت عوام کو ریلیف دینے کے لیے ہر ممکن اقدامات کر رہی ہے ملک میں معاشی استحکام کے لیے سب کو مل کر کام کرنا ہوگا انہوں نے کہا کہ عوامی مسائل کے حل کے لیے ترجیحی بنیادوں پر کام جاری ہے اور جلد ہی اس کے ثمرات سامنے آئیں گے پارٹی قیادت نے اجلاس میں اہم فیصلے کیے ہیں اور کارکنوں کو ہدایت کی گئی ہے کہ وہ عوام کے ساتھ رابطے میں رہیں
اسلام آباد (نمائندہ خصوصی) وفاقی وزیر نے کہا ہے کہ حکومت عوام کو ریلیف دینے کے لیے ہر ممکن اقدامات کر رہی ہے ملک میں معاشی استحکام کے لیے سب کو مل کر کام کرنا ہوگا انہوں نے کہا کہ عوامی مسائل کے حل کے لیے ترجیحی بنیادوں پر کام جاری ہے اور جلد ہی اس کے ثمرات سامنے آئیں گے پارٹی قیادت نے اجلاس میں اہم فیصلے کیے ہیں اور کارکنوں کو ہدایت کی گئی ہے کہ وہ عوام کے ساتھ رابطے میں رہیں
خبر نمبر
22
اسلام آباد (نمائندہ خصوصی) وفاقی وزیر نے کہا ہے کہ حکومت عوام کو ریلیف دینے کے لیے ہر ممکن اقدامات کر رہی ہے ملک میں معاشی استحکام کے لیے سب کو مل کر کام کرنا ہوگا انہوں نے کہا کہ عوامی مسائل کے حل کے لیے ترجیحی بنیادوں پر کام جاری ہے اور جلد ہی اس کے ثمرات سامنے آئیں گے پارٹی قیادت نے اجلاس میں اہم فیصلے کیے ہیں اور کارکنوں کو ہدایت کی گئی ہے کہ وہ عوام کے ساتھ رابطے میں رہیں
اسلام آباد (نمائندہ خصوصی) وفاقی وزیر نے کہا ہے کہ حکومت عوام کو ریلیف دینے کے لیے ہر ممکن اقدامات کر رہی ہے ملک میں معاشی استحکام کے لیے سب کو مل کر کام کرنا ہوگا انہوں نے کہا کہ عوامی مسائل کے حل کے لیے ترجیحی بنیادوں پر کام جاری ہے اور جلد ہی اس کے ثمرات سامنے آئیں گے پارٹی قیادت نے اجلاس میں اہم فیصلے کیے ہیں اور کارکنوں کو ہدایت کی گئی ہے کہ وہ عوام کے ساتھ رابطے میں رہیں
خبر نمبر
23
اسلام آباد (نمائندہ خصوصی) وفاقی وزیر نے کہا ہے کہ حکومت عوام کو ریلیف دینے کے لیے ہر ممکن اقدامات کر رہی ہے ملک میں معاشی استحکام کے لیے سب کو مل کر کام کرنا ہوگا انہوں نے کہا کہ عوامی مسائل کے حل کے لیے ترجیحی بنیادوں پر کام جاری ہے اور جلد ہی اس کے ثمرات سامنے آئیں گے پارٹی قیادت نے اجلاس میں اہم فیصلے کیے ہیں اور کارکنوں کو ہدایت کی گئی ہے کہ وہ عوام کے ساتھ رابطے میں رہیں
خبر نمبر
24
اسلام آباد (نمائندہ خصوصی) وفاقی وزیر نے کہا ہے کہ حکومت عوام کو ریلیف دینے کے لیے ہر ممکن اقدامات کر رہی ہے ملک میں معاشی استحکام کے لیے سب کو مل کر کام کرنا ہوگا انہوں نے کہا کہ عوامی مسائل کے حل کے لیے ترجیحی بنیادوں پر کام جاری ہے اور جلد ہی اس کے ثمرات سامنے آئیں گے پارٹی قیادت نے اجلاس میں اہم فیصلے کیے ہیں اور کارکنوں کو ہدایت کی گئی ہے کہ وہ عوام کے ساتھ رابطے میں رہیں
اسلام آباد (نمائندہ خصوصی) وفاقی وزیر نے کہا ہے کہ حکومت عوام کو ریلیف دینے کے لیے ہر ممکن اقدامات کر رہی ہے ملک میں معاشی استحکام کے لیے سب کو مل کر کام کرنا ہوگا انہوں نے کہا کہ عوامی مسائل کے حل کے لیے ترجیحی بنیادوں پر کام جاری ہے اور جلد ہی اس کے ثمرات سامنے آئیں گے پارٹی قیادت نے اجلاس میں اہم فیصلے کیے ہیں اور کارکنوں کو ہدایت کی گئی ہے کہ وہ عوام کے ساتھ رابطے میں رہیں
خبر نمبر
25
اسلام آباد (نمائندہ خصوصی) وفاقی وزیر نے کہا ہے کہ حکومت عوام کو ریلیف دینے کے لیے ہر ممکن اقدامات کر رہی ہے ملک میں معاشی استحکام کے لیے سب کو مل کر کام کرنا ہوگا انہوں نے کہا کہ عوامی مسائل کے حل کے لیے ترجیحی بنیادوں پر کام جاری ہے اور جلد ہی اس کے ثمرات سامنے آئیں گے پارٹی قیادت نے اجلاس میں اہم فیصلے کیے ہیں اور کارکنوں کو ہدایت کی گئی ہے کہ وہ عوام کے ساتھ رابطے میں رہیں
اسلام آباد (نمائندہ خصوصی) وفاقی وزیر نے کہا ہے کہ حکومت عوام کو ریلیف دینے کے لیے ہر ممکن اقدامات کر رہی ہے ملک میں معاشی استحکام کے لیے سب کو مل کر کام کرنا ہوگا انہوں نے کہا کہ عوامی مسائل کے حل کے لیے ترجیحی بنیادوں پر کام جاری ہے اور جلد ہی اس کے ثمرات سامنے آئیں گے پارٹی قیادت نے اجلاس میں اہم فیصلے کیے ہیں اور کارکنوں کو ہدایت کی گئی ہے کہ وہ عوام کے ساتھ رابطے میں رہیں
خبر نمبر
26
اسلام آباد (نمائندہ خصوصی) وفاقی وزیر نے کہا ہے کہ حکومت عوام کو ریلیف دینے کے لیے ہر ممکن اقدامات کر رہی ہے ملک میں معاشی استحکام کے لیے سب کو مل کر کام کرنا ہوگا انہوں نے کہا کہ عوامی مسائل کے حل کے لیے ترجیحی بنیادوں پر کام جاری ہے اور جلد ہی اس کے ثمرات سامنے آئیں گے پارٹی قیادت نے اجلاس میں اہم فیصلے کیے ہیں اور کارکنوں کو ہدایت کی گئی ہے کہ وہ عوام کے ساتھ رابطے میں رہیں
خبر نمبر
27
اسلام آباد (نمائندہ خصوصی) وفاقی وزیر نے کہا ہے کہ حکومت عوام کو ریلیف دینے کے لیے ہر ممکن اقدامات کر رہی ہے ملک میں معاشی استحکام کے لیے سب کو مل کر کام کرنا ہوگا انہوں نے کہا کہ عوامی مسائل کے حل کے لیے ترجیحی بنیادوں پر کام جاری ہے اور جلد ہی اس کے ثمرات سامنے آئیں گے پارٹی قیادت نے اجلاس میں اہم فیصلے کیے ہیں اور کارکنوں کو ہدایت کی گئی ہے کہ وہ عوام کے ساتھ رابطے میں رہیں
اسلام آباد (نمائندہ خصوصی) وفاقی وزیر نے کہا ہے کہ حکومت عوام کو ریلیف دینے کے لیے ہر ممکن اقدامات کر رہی ہے ملک میں معاشی استحکام کے لیے سب کو مل کر کام کرنا ہوگا انہوں نے کہا کہ عوامی مسائل کے حل کے لیے ترجیحی بنیادوں پر کام جاری ہے اور جلد ہی اس کے ثمرات سامنے آئیں گے پارٹی قیادت نے اجلاس میں اہم فیصلے کیے ہیں اور کارکنوں کو ہدایت کی گئی ہے کہ وہ عوام کے ساتھ رابطے میں رہیں
خبر نمبر
28
اسلام آباد (نمائندہ خصوصی) وفاقی وزیر نے کہا ہے کہ حکومت عوام کو ریلیف دینے کے لیے ہر ممکن اقدامات کر رہی ہے ملک میں معاشی استحکام کے لیے سب کو مل کر کام کرنا ہوگا انہوں نے کہا کہ عوامی مسائل کے حل کے لیے ترجیحی بنیادوں پر کام جاری ہے اور جلد ہی اس کے ثمرات سامنے آئیں گے پارٹی قیادت نے اجلاس میں اہم فیصلے کیے ہیں اور کارکنوں کو ہدایت کی گئی ہے کہ وہ عوام کے ساتھ رابطے میں رہیں
اسلام آباد (نمائندہ خصوصی) وفاقی وزیر نے کہا ہے کہ حکومت عوام کو ریلیف دینے کے لیے ہر ممکن اقدامات کر رہی ہے ملک میں معاشی استحکام کے لیے سب کو مل کر کام کرنا ہوگا انہوں نے کہا کہ عوامی مسائل کے حل کے لیے ترجیحی بنیادوں پر کام جاری ہے اور جلد ہی اس کے ثمرات سامنے آئیں گے پارٹی قیادت نے اجلاس میں اہم فیصلے کیے ہیں اور کارکنوں کو ہدایت کی گئی ہے کہ وہ عوام کے ساتھ رابطے میں رہیں
خبر نمبر
29
اسلام آباد (نمائندہ خصوصی) وفاقی وزیر نے کہا ہے کہ حکومت عوام کو ریلیف دینے کے لیے ہر ممکن اقدامات کر رہی ہے ملک میں معاشی استحکام کے لیے سب کو مل کر کام کرنا ہوگا انہوں نے کہا کہ عوامی مسائل کے حل کے لیے ترجیحی بنیادوں پر کام جاری ہے اور جلد ہی اس کے ثمرات سامنے آئیں گے پارٹی قیادت نے اجلاس میں اہم فیصلے کیے ہیں اور کارکنوں کو ہدایت کی گئی ہے کہ وہ عوام کے ساتھ رابطے میں رہیں
خبر نمبر
30
اسلام آباد (نمائندہ خصوصی) وفاقی وزیر نے کہا ہے کہ حکومت عوام کو ریلیف دینے کے لیے ہر ممکن اقدامات کر رہی ہے ملک میں معاشی استحکام کے لیے سب کو مل کر کام کرنا ہوگا انہوں نے کہا کہ عوامی مسائل کے حل کے لیے ترجیحی بنیادوں پر کام جاری ہے اور جلد ہی اس کے ثمرات سامنے آئیں گے پارٹی قیادت نے اجلاس میں اہم فیصلے کیے ہیں اور کارکنوں کو ہدایت کی گئی ہے کہ وہ عوام کے ساتھ رابطے میں رہیں
اسلام آباد (نمائندہ خصوصی) وفاقی وزیر نے کہا ہے کہ حکومت عوام کو ریلیف دینے کے لیے ہر ممکن اقدامات کر رہی ہے ملک میں معاشی استحکام کے لیے سب کو مل کر کام کرنا ہوگا انہوں نے کہا کہ عوامی مسائل کے حل کے لیے ترجیحی بنیادوں پر کام جاری ہے اور جلد ہی اس کے ثمرات سامنے آئیں گے پارٹی قیادت نے اجلاس میں اہم فیصلے کیے ہیں اور کارکنوں کو ہدایت کی گئی ہے کہ وہ عوام کے ساتھ رابطے میں رہیں
خبر نمبر
8
اسلام آباد (نمائندہ خصوصی) وفاقی وزیر نے کہا ہے کہ حکومت عوام کو ریلیف دینے کے لیے ہر ممکن اقدامات کر رہی ہے ملک میں معاشی استحکام کے لیے سب کو مل کر کام کرنا ہوگا انہوں نے کہا کہ عوامی مسائل کے حل کے لیے ترجیحی بنیادوں پر کام جاری ہے اور جلد ہی اس کے ثمرات سامنے آئیں گے پارٹی قیادت نے اجلاس میں اہم فیصلے کیے ہیں اور کارکنوں کو ہدایت کی گئی ہے کہ وہ عوام کے ساتھ رابطے میں رہیں
اسلام آباد (نمائندہ خصوصی) وفاقی وزیر نے کہا ہے کہ حکومت عوام کو ریلیف دینے کے لیے ہر ممکن اقدامات کر رہی ہے ملک میں معاشی استحکام کے لیے سب کو مل کر کام کرنا ہوگا انہوں نے کہا کہ عوامی مسائل کے حل کے لیے ترجیحی بنیادوں پر کام جاری ہے اور جلد ہی اس کے ثمرات سامنے آئیں گے پارٹی قیادت نے اجلاس میں اہم فیصلے کیے ہیں اور کارکنوں کو ہدایت کی گئی ہے کہ وہ عوام کے ساتھ رابطے میں رہیں
خبر نمبر
9
اسلام آباد (نمائندہ خصوصی) وفاقی وزیر نے کہا ہے کہ حکومت عوام کو ریلیف دینے کے لیے ہر ممکن اقدامات کر رہی ہے ملک میں معاشی استحکام کے لیے سب کو مل کر کام کرنا ہوگا انہوں نے کہا کہ عوامی مسائل کے حل کے لیے ترجیحی بنیادوں پر کام جاری ہے اور جلد ہی اس کے ثمرات سامنے آئیں گے پارٹی قیادت نے اجلاس میں اہم فیصلے کیے ہیں اور کارکنوں کو ہدایت کی گئی ہے کہ وہ عوام کے ساتھ رابطے میں رہیں
خبر نمبر
10
اسلام آباد (نمائندہ خصوصی) وفاقی وزیر نے کہا ہے کہ حکومت عوام کو ریلیف دینے کے لیے ہر ممکن اقدامات کر رہی ہے ملک میں معاشی استحکام کے لیے سب کو مل کر کام کرنا ہوگا انہوں نے کہا کہ عوامی مسائل کے حل کے لیے ترجیحی بنیادوں پر کام جاری ہے اور جلد ہی اس کے ثمرات سامنے آئیں گے پارٹی قیادت نے اجلاس میں اہم فیصلے کیے ہیں اور کارکنوں کو ہدایت کی گئی ہے کہ وہ عوام کے ساتھ رابطے میں رہیں
اسلام آباد (نمائندہ خصوصی) وفاقی وزیر نے کہا ہے کہ حکومت عوام کو ریلیف دینے کے لیے ہر ممکن اقدامات کر رہی ہے ملک میں معاشی استحکام کے لیے سب کو مل کر کام کرنا ہوگا انہوں نے کہا کہ عوامی مسائل کے حل کے لیے ترجیحی بنیادوں پر کام جاری ہے اور جلد ہی اس کے ثمرات سامنے آئیں گے پارٹی قیادت نے اجلاس میں اہم فیصلے کیے ہیں اور کارکنوں کو ہدایت کی گئی ہے کہ وہ عوام کے ساتھ رابطے میں رہیں
خبر نمبر
11
اسلام آباد (نمائندہ خصوصی) وفاقی وزیر نے کہا ہے کہ حکومت عوام کو ریلیف دینے کے لیے ہر ممکن اقدامات کر رہی ہے ملک میں معاشی استحکام کے لیے سب کو مل کر کام کرنا ہوگا انہوں نے کہا کہ عوامی مسائل کے حل کے لیے ترجیحی بنیادوں پر کام جاری ہے اور جلد ہی اس کے ثمرات سامنے آئیں گے پارٹی قیادت نے اجلاس میں اہم فیصلے کیے ہیں اور کارکنوں کو ہدایت کی گئی ہے کہ وہ عوام کے ساتھ رابطے میں رہیں
اسلام آباد (نمائندہ خصوصی) وفاقی وزیر نے کہا ہے کہ حکومت عوام کو ریلیف دینے کے لیے ہر ممکن اقدامات کر رہی ہے ملک میں معاشی استحکام کے لیے سب کو مل کر کام کرنا ہوگا انہوں نے کہا کہ عوامی مسائل کے حل کے لیے ترجیحی بنیادوں پر کام جاری ہے اور جلد ہی اس کے ثمرات سامنے آئیں گے پارٹی قیادت نے اجلاس میں اہم فیصلے کیے ہیں اور کارکنوں کو ہدایت کی گئی ہے کہ وہ عوام کے ساتھ رابطے میں رہیں
خبر نمبر
12
اسلام آباد (نمائندہ خصوصی) وفاقی وزیر نے کہا ہے کہ حکومت عوام کو ریلیف دینے کے لیے ہر ممکن اقدامات کر رہی ہے ملک میں معاشی استحکام کے لیے سب کو مل کر کام کرنا ہوگا انہوں نے کہا کہ عوامی مسائل کے حل کے لیے ترجیحی بنیادوں پر کام جاری ہے اور جلد ہی اس کے ثمرات سامنے آئیں گے پارٹی قیادت نے اجلاس میں اہم فیصلے کیے ہیں اور کارکنوں کو ہدایت کی گئی ہے کہ وہ عوام کے ساتھ رابطے میں رہیں
خبر نمبر
13
اسلام آباد (نمائندہ خصوصی) وفاقی وزیر نے کہا ہے کہ حکومت عوام کو ریلیف دینے کے لیے ہر ممکن اقدامات کر رہی ہے ملک میں معاشی استحکام کے لیے سب کو مل کر کام کرنا ہوگا انہوں نے کہا کہ عوامی مسائل کے حل کے لیے ترجیحی بنیادوں پر کام جاری ہے اور جلد ہی اس کے ثمرات سامنے آئیں گے پارٹی قیادت نے اجلاس میں اہم فیصلے کیے ہیں اور کارکنوں کو ہدایت کی گئی ہے کہ وہ عوام کے ساتھ رابطے میں رہیں
اسلام آباد (نمائندہ خصوصی) وفاقی وزیر نے کہا ہے کہ حکومت عوام کو ریلیف دینے کے لیے ہر ممکن اقدامات کر رہی ہے ملک میں معاشی استحکام کے لیے سب کو مل کر کام کرنا ہوگا انہوں نے کہا کہ عوامی مسائل کے حل کے لیے ترجیحی بنیادوں پر کام جاری ہے اور جلد ہی اس کے ثمرات سامنے آئیں گے پارٹی قیادت نے اجلاس میں اہم فیصلے کیے ہیں اور کارکنوں کو ہدایت کی گئی ہے کہ وہ عوام کے ساتھ رابطے میں رہیں
خبر نمبر
14
اسلام آباد (نمائندہ خصوصی) وفاقی وزیر نے کہا ہے کہ حکومت عوام کو ریلیف دینے کے لیے ہر ممکن اقدامات کر رہی ہے ملک میں معاشی استحکام کے لیے سب کو مل کر کام کرنا ہوگا انہوں نے کہا کہ عوامی مسائل کے حل کے لیے ترجیحی بنیادوں پر کام جاری ہے اور جلد ہی اس کے ثمرات سامنے آئیں گے پارٹی قیادت نے اجلاس میں اہم فیصلے کیے ہیں اور کارکنوں کو ہدایت کی گئی ہے کہ وہ عوام کے ساتھ رابطے میں رہیں
اسلام آباد (نمائندہ خصوصی) وفاقی وزیر نے کہا ہے کہ حکومت عوام کو ریلیف دینے کے لیے ہر ممکن اقدامات کر رہی ہے ملک میں معاشی استحکام کے لیے سب کو مل کر کام کرنا ہوگا انہوں نے کہا کہ عوامی مسائل کے حل کے لیے ترجیحی بنیادوں پر کام جاری ہے اور جلد ہی اس کے ثمرات سامنے آئیں گے پارٹی قیادت نے اجلاس میں اہم فیصلے کیے ہیں اور کارکنوں کو ہدایت کی گئی ہے کہ وہ عوام کے ساتھ رابطے میں رہیں
خبر نمبر
15
اسلام آباد (نمائندہ خصوصی) وفاقی وزیر نے کہا ہے کہ حکومت عوام کو ریلیف دینے کے لیے ہر ممکن اقدامات کر رہی ہے ملک میں معاشی استحکام کے لیے سب کو مل کر کام کرنا ہوگا انہوں نے کہا کہ عوامی مسائل کے حل کے لیے ترجیحی بنیادوں پر کام جاری ہے اور جلد ہی اس کے ثمرات سامنے آئیں گے پارٹی قیادت نے اجلاس میں اہم فیصلے کیے ہیں اور کارکنوں کو ہدایت کی گئی ہے کہ وہ عوام کے ساتھ رابطے میں رہیں
خبر نمبر
16
اسلام آباد (نمائندہ خصوصی) وفاقی وزیر نے کہا ہے کہ حکومت عوام کو ریلیف دینے کے لیے ہر ممکن اقدامات کر رہی ہے ملک میں معاشی استحکام کے لیے سب کو مل کر کام کرنا ہوگا انہوں نے کہا کہ عوامی مسائل کے حل کے لیے ترجیحی بنیادوں پر کام جاری ہے اور جلد ہی اس کے ثمرات سامنے آئیں گے پارٹی قیادت نے اجلاس میں اہم فیصلے کیے ہیں اور کارکنوں کو ہدایت کی گئی ہے کہ وہ عوام کے ساتھ رابطے میں رہیں
اسلام آباد (نمائندہ خصوصی) وفاقی وزیر نے کہا ہے کہ حکومت عوام کو ریلیف دینے کے لیے ہر ممکن اقدامات کر رہی ہے ملک میں معاشی استحکام کے لیے سب کو مل کر کام کرنا ہوگا انہوں نے کہا کہ عوامی مسائل کے حل کے لیے ترجیحی بنیادوں پر کام جاری ہے اور جلد ہی اس کے ثمرات سامنے آئیں گے پارٹی قیادت نے اجلاس میں اہم فیصلے کیے ہیں اور کارکنوں کو ہدایت کی گئی ہے کہ وہ عوام کے ساتھ رابطے میں رہیں
خبر نمبر
17
اسلام آباد (نمائندہ خصوصی) وفاقی وزیر نے کہا ہے کہ حکومت عوام کو ریلیف دینے کے لیے ہر ممکن اقدامات کر رہی ہے ملک میں معاشی استحکام کے لیے سب کو مل کر کام کرنا ہوگا انہوں نے کہا کہ عوامی مسائل کے حل کے لیے ترجیحی بنیادوں پر کام جاری ہے اور جلد ہی اس کے ثمرات سامنے آئیں گے پارٹی قیادت نے اجلاس میں اہم فیصلے کیے ہیں اور کارکنوں کو ہدایت کی گئی ہے کہ وہ عوام کے ساتھ رابطے میں رہیں
اسلام آباد (نمائندہ خصوصی) وفاقی وزیر نے کہا ہے کہ حکومت عوام کو ریلیف دینے کے لیے ہر ممکن اقدامات کر رہی ہے ملک میں معاشی استحکام کے لیے سب کو مل کر کام کرنا ہوگا انہوں نے کہا کہ عوامی مسائل کے حل کے لیے ترجیحی بنیادوں پر کام جاری ہے اور جلد ہی اس کے ثمرات سامنے آئیں گے پارٹی قیادت نے اجلاس میں اہم فیصلے کیے ہیں اور کارکنوں کو ہدایت کی گئی ہے کہ وہ عوام کے ساتھ رابطے میں رہیں
خبر نمبر
18
اسلام آباد (نمائندہ خصوصی) وفاقی وزیر نے کہا ہے کہ حکومت عوام کو ریلیف دینے کے لیے ہر ممکن اقدامات کر رہی ہے ملک میں معاشی استحکام کے لیے سب کو مل کر کام کرنا ہوگا انہوں نے کہا کہ عوامی مسائل کے حل کے لیے ترجیحی بنیادوں پر کام جاری ہے اور جلد ہی اس کے ثمرات سامنے آئیں گے پارٹی قیادت نے اجلاس میں اہم فیصلے کیے ہیں اور کارکنوں کو ہدایت کی گئی ہے کہ وہ عوام کے ساتھ رابطے میں رہیں
خبر نمبر
1
اسلام آباد (نمائندہ خصوصی) وفاقی وزیر نے کہا ہے کہ حکومت عوام کو ریلیف دینے کے لیے ہر ممکن اقدامات کر رہی ہے ملک میں معاشی استحکام کے لیے سب کو مل کر کام کرنا ہوگا انہوں نے کہا کہ عوامی مسائل کے حل کے لیے ترجیحی بنیادوں پر کام جاری ہے اور جلد ہی اس کے ثمرات سامنے آئیں گے پارٹی قیادت نے اجلاس میں اہم فیصلے کیے ہیں اور کارکنوں کو ہدایت کی گئی ہے کہ وہ عوام کے ساتھ رابطے میں رہیں
اسلام آباد (نمائندہ خصوصی) وفاقی وزیر نے کہا ہے کہ حکومت عوام کو ریلیف دینے کے لیے ہر ممکن اقدامات کر رہی ہے ملک میں معاشی استحکام کے لیے سب کو مل کر کام کرنا ہوگا انہوں نے کہا کہ عوامی مسائل کے حل کے لیے ترجیحی بنیادوں پر کام جاری ہے اور جلد ہی اس کے ثمرات سامنے آئیں گے پارٹی قیادت نے اجلاس میں اہم فیصلے کیے ہیں اور کارکنوں کو ہدایت کی گئی ہے کہ وہ عوام کے ساتھ رابطے میں رہیں
خبر نمبر
2
اسلام آباد (نمائندہ خصوصی) وفاقی وزیر نے کہا ہے کہ حکومت عوام کو ریلیف دینے کے لیے ہر ممکن اقدامات کر رہی ہے ملک میں معاشی استحکام کے لیے سب کو مل کر کام کرنا ہوگا انہوں نے کہا کہ عوامی مسائل کے حل کے لیے ترجیحی بنیادوں پر کام جاری ہے اور جلد ہی اس کے ثمرات سامنے آئیں گے پارٹی قیادت نے اجلاس میں اہم فیصلے کیے ہیں اور کارکنوں کو ہدایت کی گئی ہے کہ وہ عوام کے ساتھ رابطے میں رہیں
خبر نمبر
3
اسلام آباد (نمائندہ خصوصی) وفاقی وزیر نے کہا ہے کہ حکومت عوام کو ریلیف دینے کے لیے ہر ممکن اقدامات کر رہی ہے ملک میں معاشی استحکام کے لیے سب کو مل کر کام کرنا ہوگا انہوں نے کہا کہ عوامی مسائل کے حل کے لیے ترجیحی بنیادوں پر کام جاری ہے اور جلد ہی اس کے ثمرات سامنے آئیں گے پارٹی قیادت نے اجلاس میں اہم فیصلے کیے ہیں اور کارکنوں کو ہدایت کی گئی ہے کہ وہ عوام کے ساتھ رابطے میں رہیں
اسلام آباد (نمائندہ خصوصی) وفاقی وزیر نے کہا ہے کہ حکومت عوام کو ریلیف دینے کے لیے ہر ممکن اقدامات کر رہی ہے ملک میں معاشی استحکام کے لیے سب کو مل کر کام کرنا ہوگا انہوں نے کہا کہ عوامی مسائل کے حل کے لیے ترجیحی بنیادوں پر کام جاری ہے اور جلد ہی اس کے ثمرات سامنے آئیں گے پارٹی قیادت نے اجلاس میں اہم فیصلے کیے ہیں اور کارکنوں کو ہدایت کی گئی ہے کہ وہ عوام کے ساتھ رابطے میں رہیں
خبر نمبر
4
اسلام آباد (نمائندہ خصوصی) وفاقی وزیر نے کہا ہے کہ حکومت عوام کو ریلیف دینے کے لیے ہر ممکن اقدامات کر رہی ہے ملک میں معاشی استحکام کے لیے سب کو مل کر کام کرنا ہوگا انہوں نے کہا کہ عوامی مسائل کے حل کے لیے ترجیحی بنیادوں پر کام جاری ہے اور جلد ہی اس کے ثمرات سامنے آئیں گے پارٹی قیادت نے اجلاس میں اہم فیصلے کیے ہیں اور کارکنوں کو ہدایت کی گئی ہے کہ وہ عوام کے ساتھ رابطے میں رہیں
اسلام آباد (نمائندہ خصوصی) وفاقی وزیر نے کہا ہے کہ حکومت عوام کو ریلیف دینے کے لیے ہر ممکن اقدامات کر رہی ہے ملک میں معاشی استحکام کے لیے سب کو مل کر کام کرنا ہوگا انہوں نے کہا کہ عوامی مسائل کے حل کے لیے ترجیحی بنیادوں پر کام جاری ہے اور جلد ہی اس کے ثمرات سامنے آئیں گے پارٹی قیادت نے اجلاس میں اہم فیصلے کیے ہیں اور کارکنوں کو ہدایت کی گئی ہے کہ وہ عوام کے ساتھ رابطے میں رہیں
خبر نمبر
5
اسلام آباد (نمائندہ خصوصی) وفاقی وزیر نے کہا ہے کہ حکومت عوام کو ریلیف دینے کے لیے ہر ممکن اقدامات کر رہی ہے ملک میں معاشی استحکام کے لیے سب کو مل کر کام کرنا ہوگا انہوں نے کہا کہ عوامی مسائل کے حل کے لیے ترجیحی بنیادوں پر کام جاری ہے اور جلد ہی اس کے ثمرات سامنے آئیں گے پارٹی قیادت نے اجلاس میں اہم فیصلے کیے ہیں اور کارکنوں کو ہدایت کی گئی ہے کہ وہ عوام کے ساتھ رابطے میں رہیں
خبر نمبر
6
اسلام آباد (نمائندہ خصوصی) وفاقی وزیر نے کہا ہے کہ حکومت عوام کو ریلیف دینے کے لیے ہر ممکن اقدامات کر رہی ہے ملک میں معاشی استحکام کے لیے سب کو مل کر کام کرنا ہوگا انہوں نے کہا کہ عوامی مسائل کے حل کے لیے ترجیحی بنیادوں پر کام جاری ہے اور جلد ہی اس کے ثمرات سامنے آئیں گے پارٹی قیادت نے اجلاس میں اہم فیصلے کیے ہیں اور کارکنوں کو ہدایت کی گئی ہے کہ وہ عوام کے ساتھ رابطے میں رہیں
اسلام آباد (نمائندہ خصوصی) وفاقی وزیر نے کہا ہے کہ حکومت عوام کو ریلیف دینے کے لیے ہر ممکن اقدامات کر رہی ہے ملک میں معاشی استحکام کے لیے سب کو مل کر کام کرنا ہوگا انہوں نے کہا کہ عوامی مسائل کے حل کے لیے ترجیحی بنیادوں پر کام جاری ہے اور جلد ہی اس کے ثمرات سامنے آئیں گے پارٹی قیادت نے اجلاس میں اہم فیصلے کیے ہیں اور کارکنوں کو ہدایت کی گئی ہے کہ وہ عوام کے ساتھ رابطے میں رہیں
خبر نمبر
7
اسلام آباد (نمائندہ خصوصی) وفاقی وزیر نے کہا ہے کہ حکومت عوام کو ریلیف دینے کے لیے ہر ممکن اقدامات کر رہی ہے ملک میں معاشی استحکام کے لیے سب کو مل کر کام کرنا ہوگا انہوں نے کہا کہ عوامی مسائل کے حل کے لیے ترجیحی بنیادوں پر کام جاری ہے اور جلد ہی اس کے ثمرات سامنے آئیں گے پارٹی قیادت نے اجلاس میں اہم فیصلے کیے ہیں اور کارکنوں کو ہدایت کی گئی ہے کہ وہ عوام کے ساتھ رابطے میں رہیں
اسلام آباد (نمائندہ خصوصی) وفاقی وزیر نے کہا ہے کہ حکومت عوام کو ریلیف دینے کے لیے ہر ممکن اقدامات کر رہی ہے ملک میں معاشی استحکام کے لیے سب کو مل کر کام کرنا ہوگا انہوں نے کہا کہ عوامی مسائل کے حل کے لیے ترجیحی بنیادوں پر کام جاری ہے اور جلد ہی اس کے ثمرات سامنے آئیں گے پارٹی قیادت نے اجلاس میں اہم فیصلے کیے ہیں اور کارکنوں کو ہدایت کی گئی ہے کہ وہ عوام کے ساتھ رابطے میں رہیں
خبر نمبر
65
اسلام آباد (مانیٹرنگ ڈیسک) عوامی مسائل کے حل اور ترقیاتی منصوبوں کے حوالے سے اہم اجلاس منعقد ہوا جس میں مختلف فیصلے کیے گئے۔
صفحہ نمبر 3
